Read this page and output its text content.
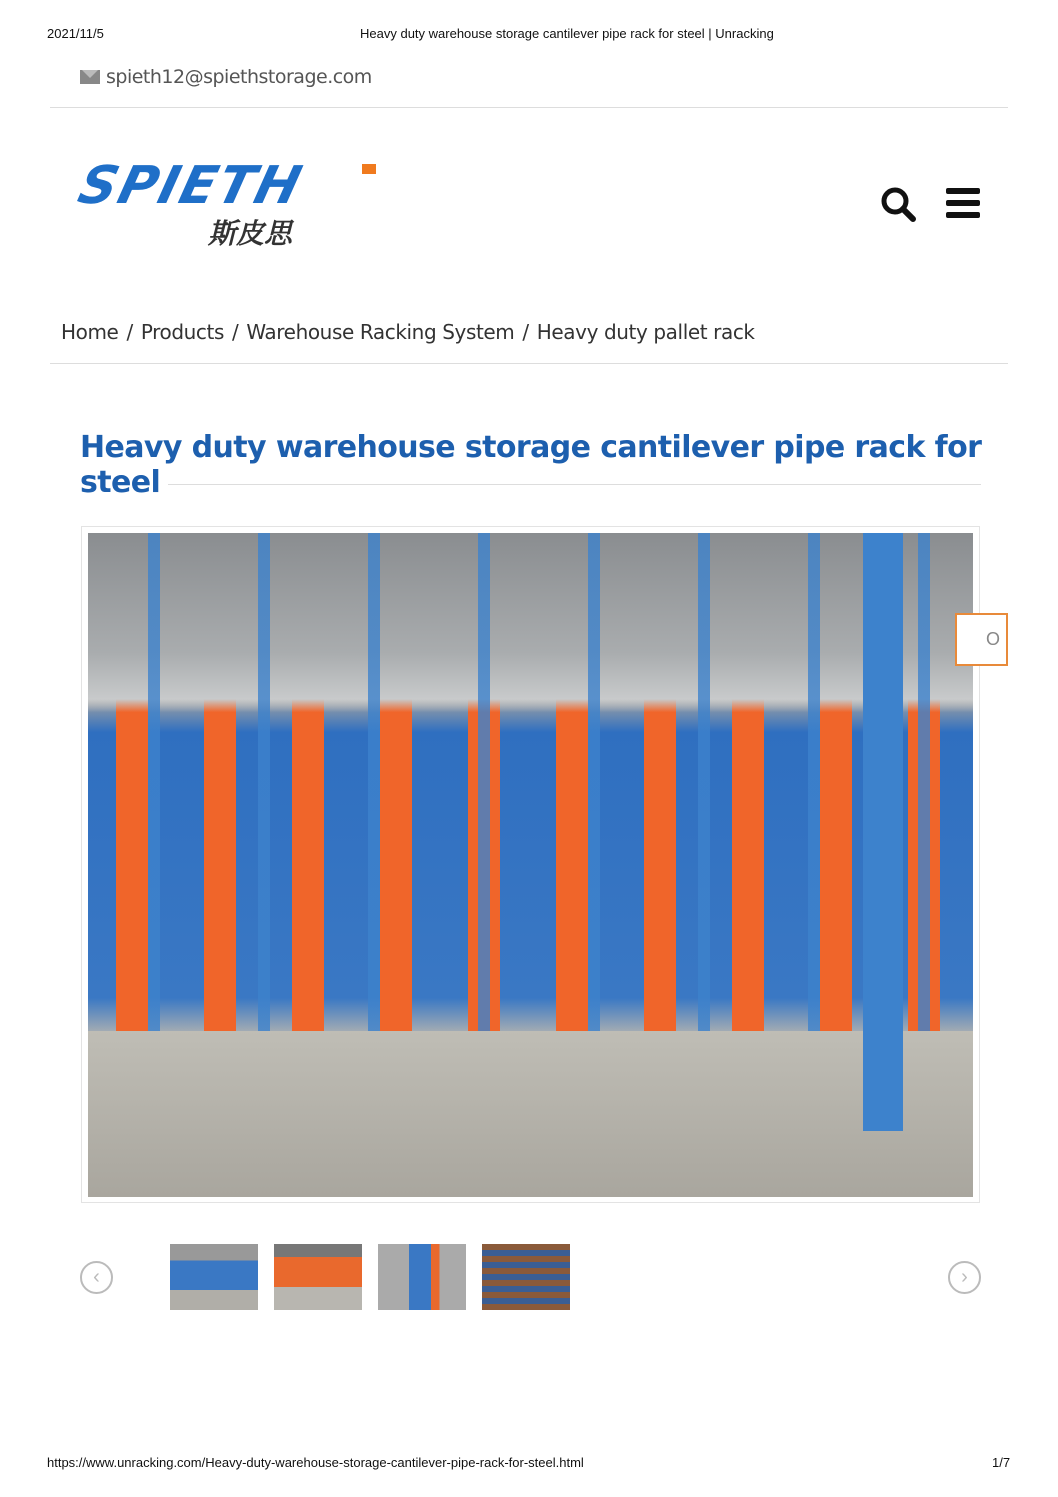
2021/11/5	Heavy duty warehouse storage cantilever pipe rack for steel | Unracking
spieth12@spiethstorage.com
SPIETH
斯皮思
Home / Products / Warehouse Racking System / Heavy duty pallet rack
Heavy duty warehouse storage cantilever pipe rack for steel
O
‹	›
https://www.unracking.com/Heavy-duty-warehouse-storage-cantilever-pipe-rack-for-steel.html	1/7
